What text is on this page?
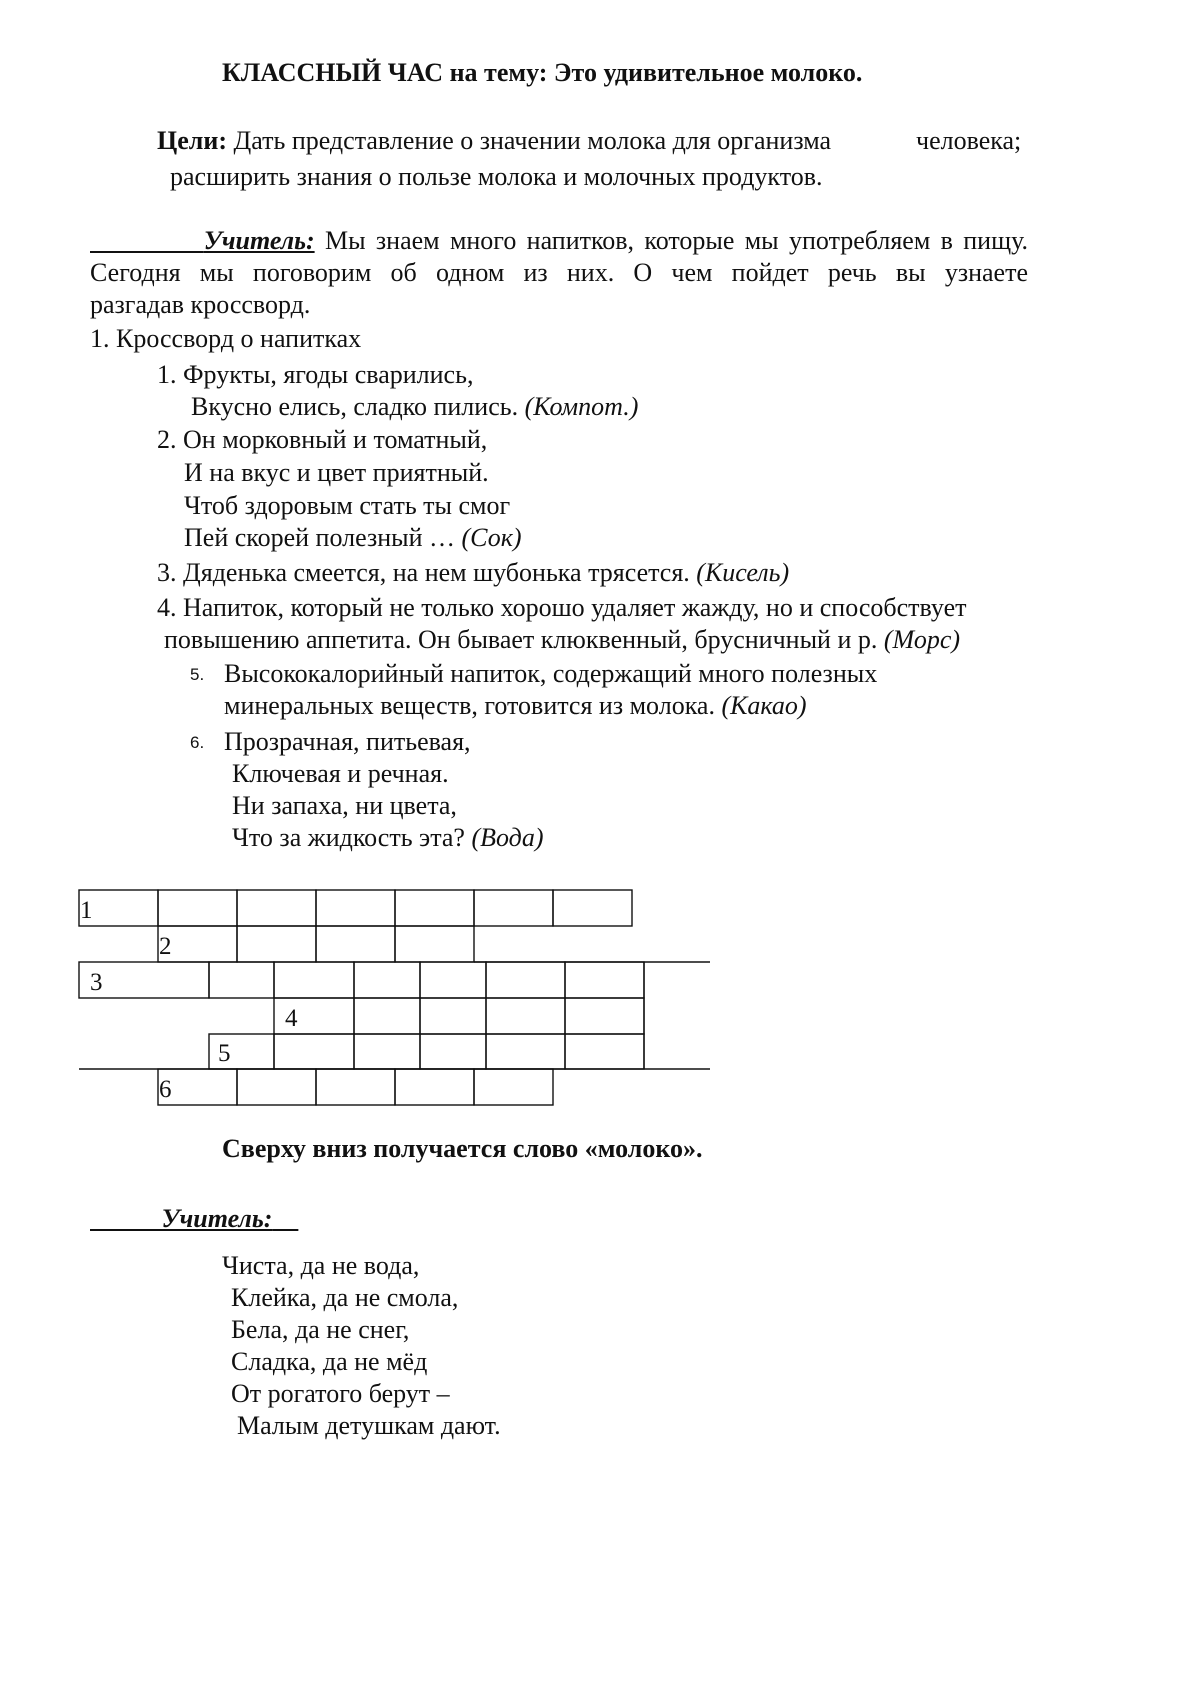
КЛАССНЫЙ ЧАС на тему: Это удивительное молоко.
Цели: Дать представление о значении молока для организма	человека;
расширить знания о пользе молока и молочных продуктов.
Учитель: Мы знаем много напитков, которые мы употребляем в пищу.
Сегодня мы поговорим об одном из них. О чем пойдет речь вы узнаете
разгадав кроссворд.
1. Кроссворд о напитках
1. Фрукты, ягоды сварились,
Вкусно елись, сладко пились. (Компот.)
2. Он морковный и томатный,
И на вкус и цвет приятный.
Чтоб здоровым стать ты смог
Пей скорей полезный … (Сок)
3. Дяденька смеется, на нем шубонька трясется. (Кисель)
4. Напиток, который не только хорошо удаляет жажду, но и способствует
повышению аппетита. Он бывает клюквенный, брусничный и р. (Морс)
5. Высококалорийный напиток, содержащий много полезных
минеральных веществ, готовится из молока. (Какао)
6. Прозрачная, питьевая,
Ключевая и речная.
Ни запаха, ни цвета,
Что за жидкость эта? (Вода)
1
2
3
4
5
6
Сверху вниз получается слово «молоко».
Учитель:
Чиста, да не вода,
Клейка, да не смола,
Бела, да не снег,
Сладка, да не мёд
От рогатого берут –
Малым детушкам дают.
